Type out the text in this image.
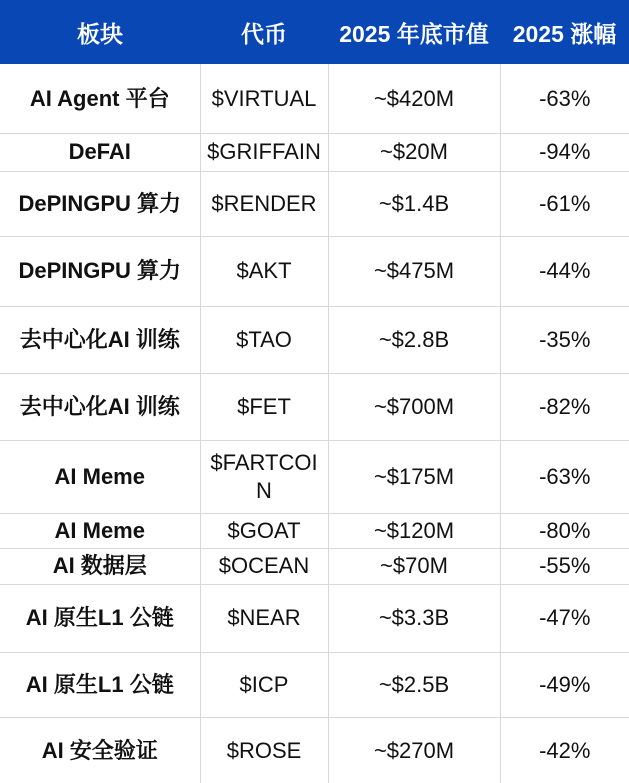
板块	代币	2025 年底市值	2025 涨幅
AI Agent 平台	$VIRTUAL	~$420M	-63%
DeFAI	$GRIFFAIN	~$20M	-94%
DePINGPU 算力	$RENDER	~$1.4B	-61%
DePINGPU 算力	$AKT	~$475M	-44%
去中心化AI 训练	$TAO	~$2.8B	-35%
去中心化AI 训练	$FET	~$700M	-82%
AI Meme	$FARTCOIN	~$175M	-63%
AI Meme	$GOAT	~$120M	-80%
AI 数据层	$OCEAN	~$70M	-55%
AI 原生L1 公链	$NEAR	~$3.3B	-47%
AI 原生L1 公链	$ICP	~$2.5B	-49%
AI 安全验证	$ROSE	~$270M	-42%
